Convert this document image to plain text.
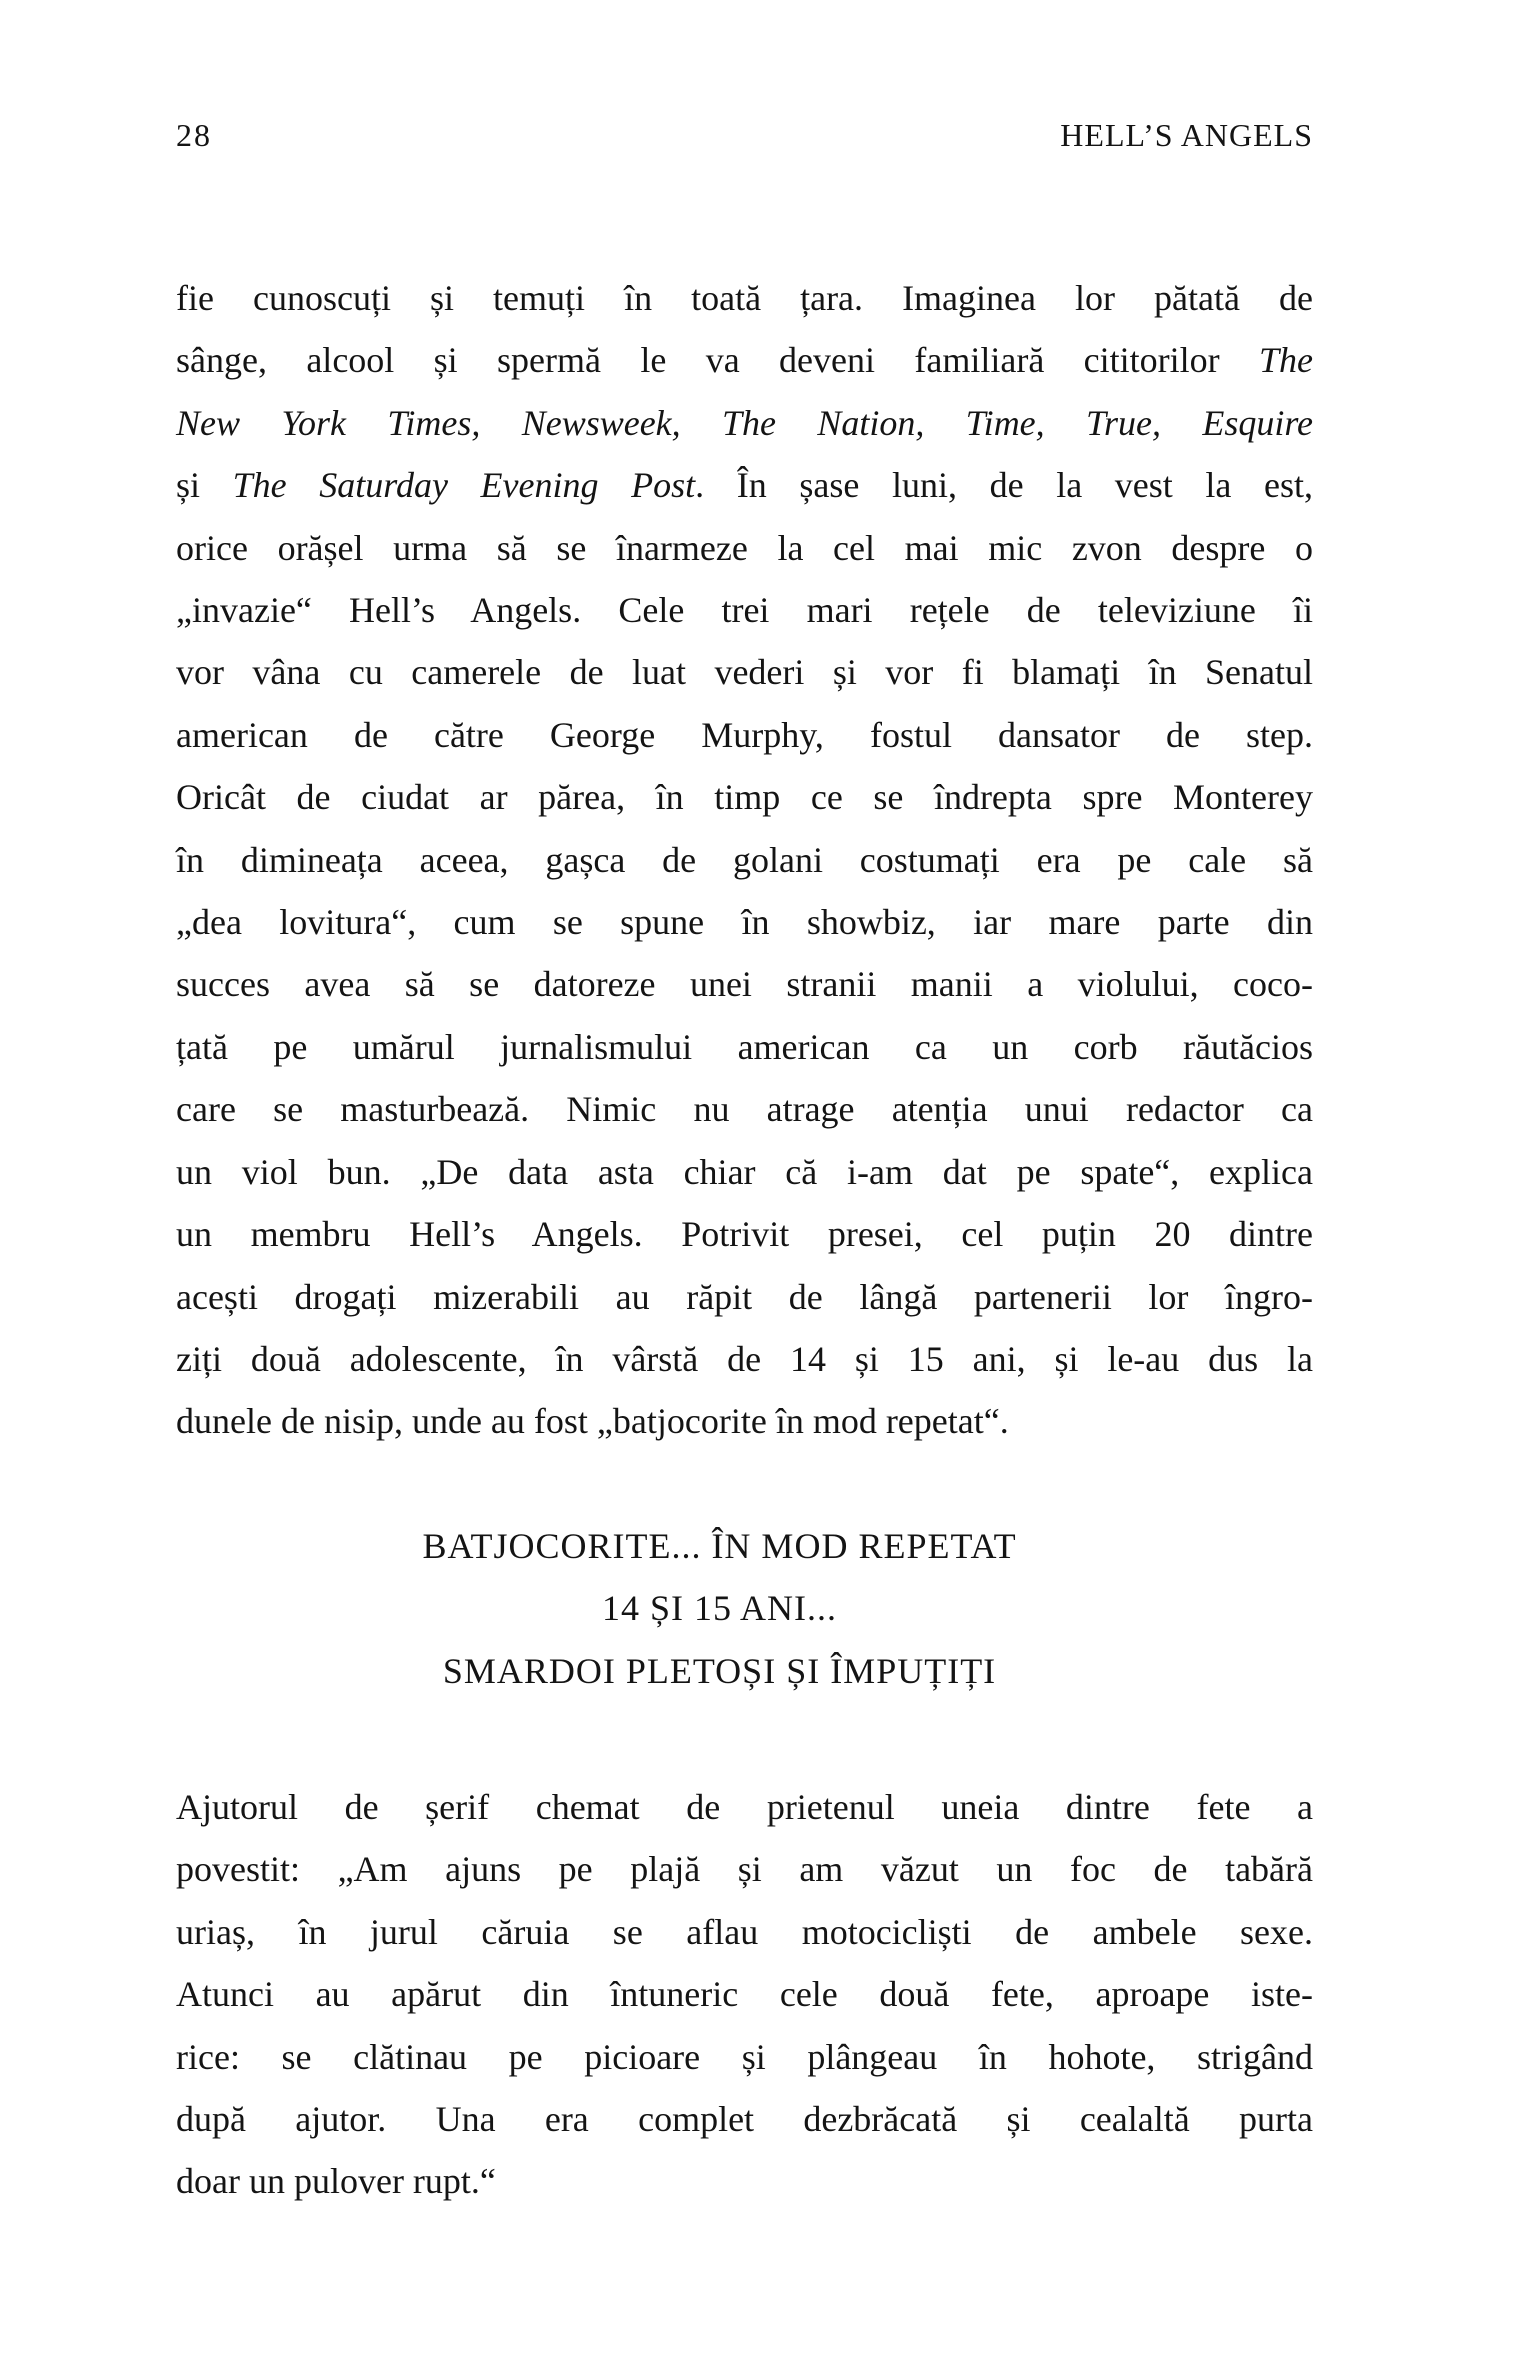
28	HELL’S ANGELS
fie cunoscuți și temuți în toată țara. Imaginea lor pătată de
sânge, alcool și spermă le va deveni familiară cititorilor The
New York Times, Newsweek, The Nation, Time, True, Esquire
și The Saturday Evening Post. În șase luni, de la vest la est,
orice orășel urma să se înarmeze la cel mai mic zvon despre o
„invazie“ Hell’s Angels. Cele trei mari rețele de televiziune îi
vor vâna cu camerele de luat vederi și vor fi blamați în Senatul
american de către George Murphy, fostul dansator de step.
Oricât de ciudat ar părea, în timp ce se îndrepta spre Monterey
în dimineața aceea, gașca de golani costumați era pe cale să
„dea lovitura“, cum se spune în showbiz, iar mare parte din
succes avea să se datoreze unei stranii manii a violului, coco-
țată pe umărul jurnalismului american ca un corb răutăcios
care se masturbează. Nimic nu atrage atenția unui redactor ca
un viol bun. „De data asta chiar că i-am dat pe spate“, explica
un membru Hell’s Angels. Potrivit presei, cel puțin 20 dintre
acești drogați mizerabili au răpit de lângă partenerii lor îngro-
ziți două adolescente, în vârstă de 14 și 15 ani, și le-au dus la
dunele de nisip, unde au fost „batjocorite în mod repetat“.
BATJOCORITE... ÎN MOD REPETAT
14 ȘI 15 ANI...
SMARDOI PLETOȘI ȘI ÎMPUȚIȚI
Ajutorul de șerif chemat de prietenul uneia dintre fete a
povestit: „Am ajuns pe plajă și am văzut un foc de tabără
uriaș, în jurul căruia se aflau motocicliști de ambele sexe.
Atunci au apărut din întuneric cele două fete, aproape iste-
rice: se clătinau pe picioare și plângeau în hohote, strigând
după ajutor. Una era complet dezbrăcată și cealaltă purta
doar un pulover rupt.“
